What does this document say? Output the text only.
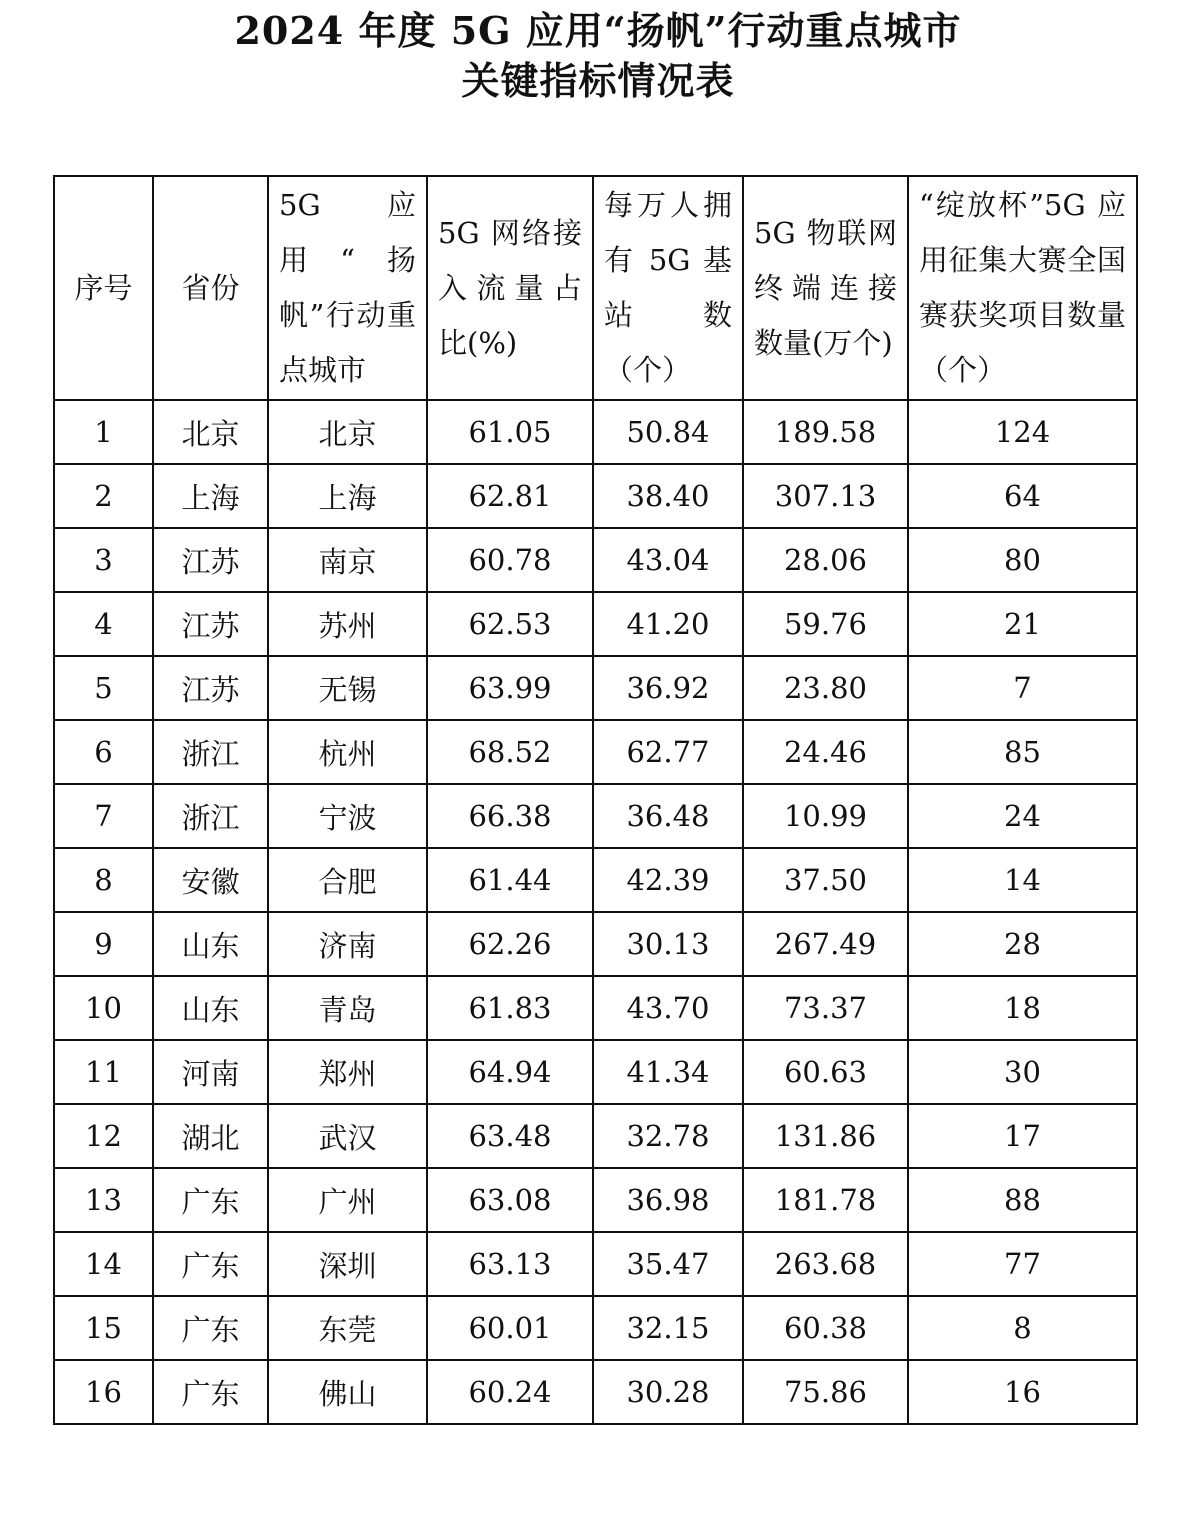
2024 年度 5G 应用“扬帆”行动重点城市
关键指标情况表
序号	省份	5G 应用“扬帆”行动重点城市	5G 网络接入流量占比(%)	每万人拥有 5G 基站数（个）	5G 物联网终端连接数量(万个)	“绽放杯”5G 应用征集大赛全国赛获奖项目数量（个）
1	北京	北京	61.05	50.84	189.58	124
2	上海	上海	62.81	38.40	307.13	64
3	江苏	南京	60.78	43.04	28.06	80
4	江苏	苏州	62.53	41.20	59.76	21
5	江苏	无锡	63.99	36.92	23.80	7
6	浙江	杭州	68.52	62.77	24.46	85
7	浙江	宁波	66.38	36.48	10.99	24
8	安徽	合肥	61.44	42.39	37.50	14
9	山东	济南	62.26	30.13	267.49	28
10	山东	青岛	61.83	43.70	73.37	18
11	河南	郑州	64.94	41.34	60.63	30
12	湖北	武汉	63.48	32.78	131.86	17
13	广东	广州	63.08	36.98	181.78	88
14	广东	深圳	63.13	35.47	263.68	77
15	广东	东莞	60.01	32.15	60.38	8
16	广东	佛山	60.24	30.28	75.86	16
